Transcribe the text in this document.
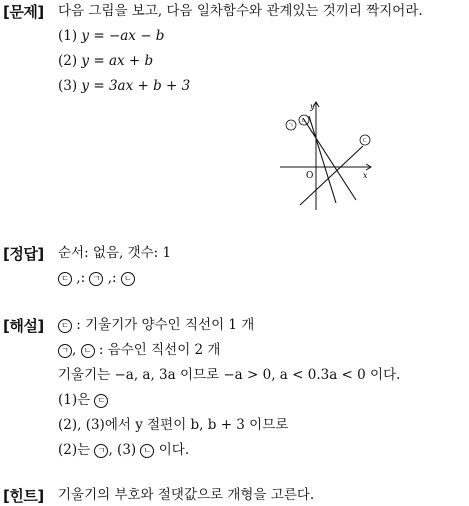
[문제] 다음 그림을 보고, 다음 일차함수와 관계있는 것끼리 짝지어라.
(1) y = −ax − b
(2) y = ax + b
(3) y = 3ax + b + 3
x
y
O
ㄱ
ㄴ
ㄷ
[정답] 순서: 없음, 갯수: 1
ㄷ ,: ㄱ ,: ㄴ
[해설]	ㄷ : 기울기가 양수인 직선이 1 개
ㄱ , ㄴ : 음수인 직선이 2 개
기울기는 −a, a, 3a 이므로 −a > 0, a < 0.3a < 0 이다.
(1)은 ㄷ
(2), (3)에서 y 절편이 b, b + 3 이므로
(2)는 ㄱ , (3) ㄴ 이다.
[힌트] 기울기의 부호와 절댓값으로 개형을 고른다.
